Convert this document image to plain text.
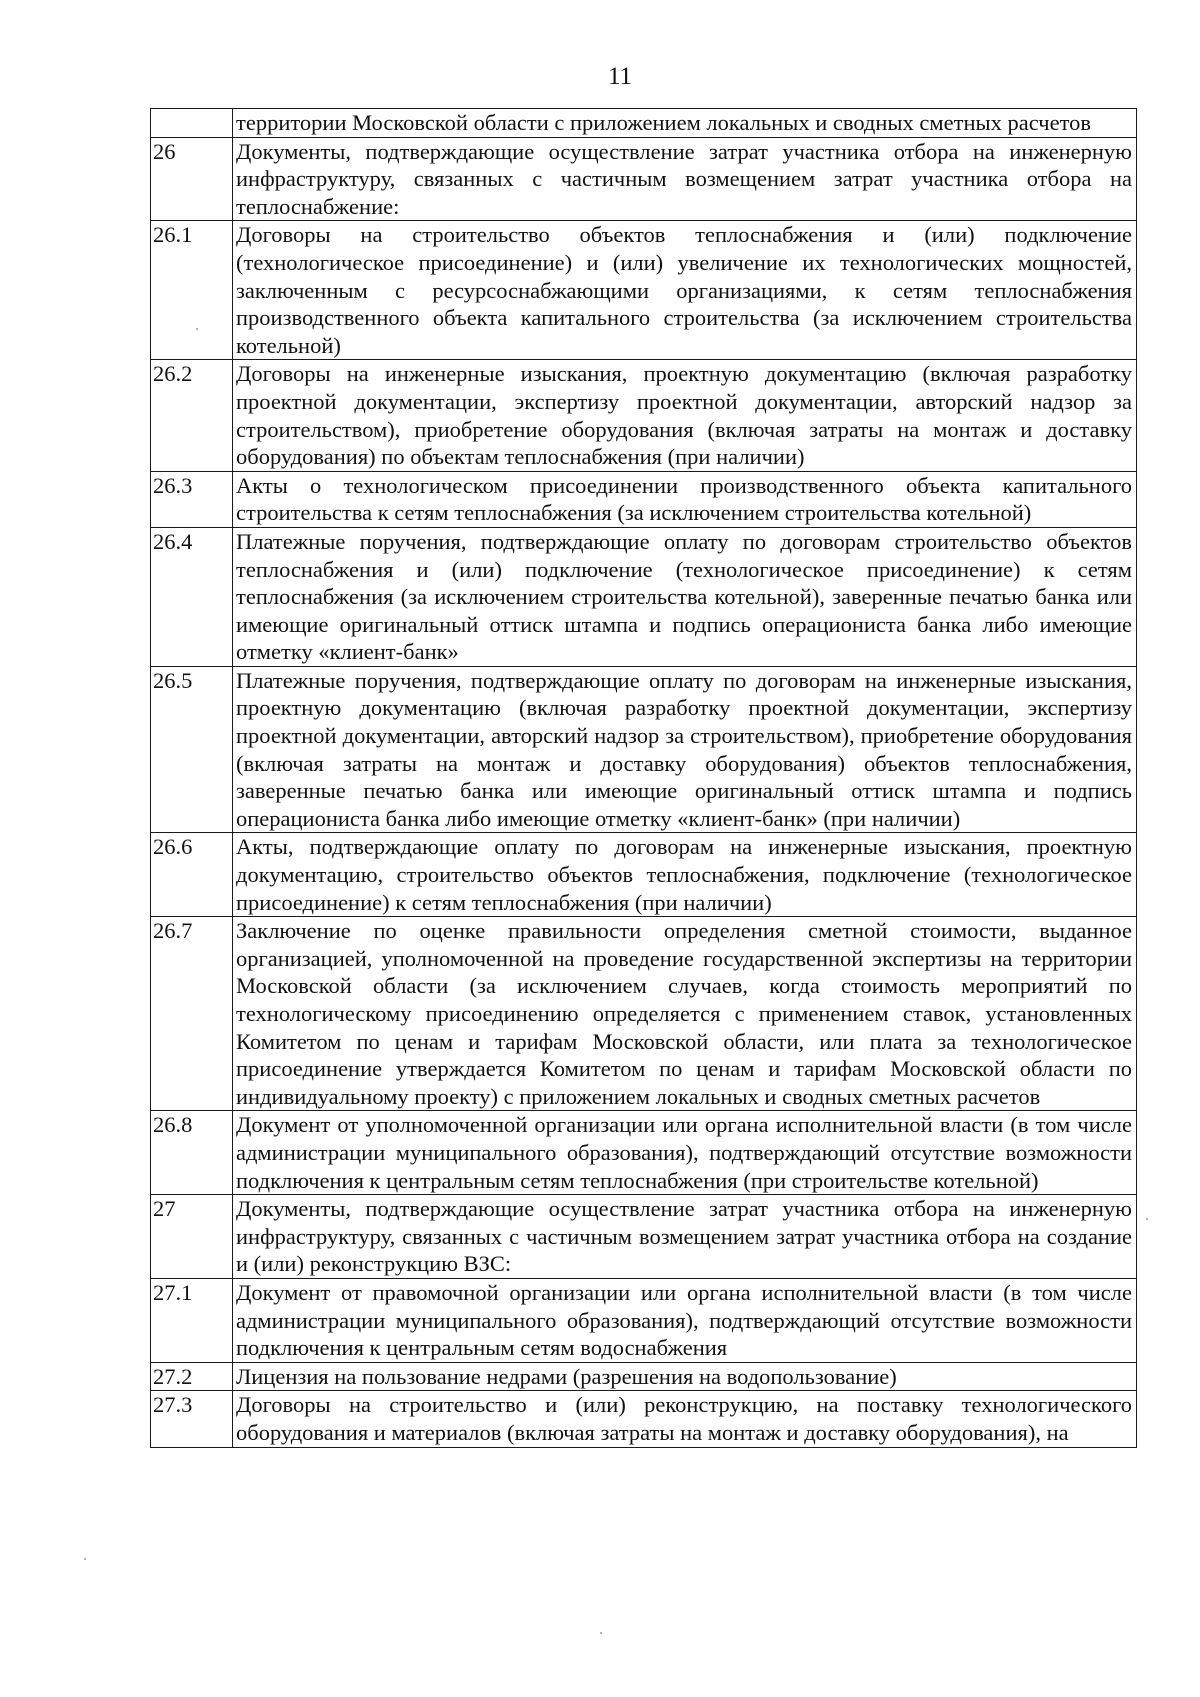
11
	территории Московской области с приложением локальных и сводных сметных расчетов
26	Документы, подтверждающие осуществление затрат участника отбора на инженерную инфраструктуру, связанных с частичным возмещением затрат участника отбора на теплоснабжение:
26.1	Договоры на строительство объектов теплоснабжения и (или) подключение (технологическое присоединение) и (или) увеличение их технологических мощностей, заключенным с ресурсоснабжающими организациями, к сетям теплоснабжения производственного объекта капитального строительства (за исключением строительства котельной)
26.2	Договоры на инженерные изыскания, проектную документацию (включая разработку проектной документации, экспертизу проектной документации, авторский надзор за строительством), приобретение оборудования (включая затраты на монтаж и доставку оборудования) по объектам теплоснабжения (при наличии)
26.3	Акты о технологическом присоединении производственного объекта капитального строительства к сетям теплоснабжения (за исключением строительства котельной)
26.4	Платежные поручения, подтверждающие оплату по договорам строительство объектов теплоснабжения и (или) подключение (технологическое присоединение) к сетям теплоснабжения (за исключением строительства котельной), заверенные печатью банка или имеющие оригинальный оттиск штампа и подпись операциониста банка либо имеющие отметку «клиент-банк»
26.5	Платежные поручения, подтверждающие оплату по договорам на инженерные изыскания, проектную документацию (включая разработку проектной документации, экспертизу проектной документации, авторский надзор за строительством), приобретение оборудования (включая затраты на монтаж и доставку оборудования) объектов теплоснабжения, заверенные печатью банка или имеющие оригинальный оттиск штампа и подпись операциониста банка либо имеющие отметку «клиент-банк» (при наличии)
26.6	Акты, подтверждающие оплату по договорам на инженерные изыскания, проектную документацию, строительство объектов теплоснабжения, подключение (технологическое присоединение) к сетям теплоснабжения (при наличии)
26.7	Заключение по оценке правильности определения сметной стоимости, выданное организацией, уполномоченной на проведение государственной экспертизы на территории Московской области (за исключением случаев, когда стоимость мероприятий по технологическому присоединению определяется с применением ставок, установленных Комитетом по ценам и тарифам Московской области, или плата за технологическое присоединение утверждается Комитетом по ценам и тарифам Московской области по индивидуальному проекту) с приложением локальных и сводных сметных расчетов
26.8	Документ от уполномоченной организации или органа исполнительной власти (в том числе администрации муниципального образования), подтверждающий отсутствие возможности подключения к центральным сетям теплоснабжения (при строительстве котельной)
27	Документы, подтверждающие осуществление затрат участника отбора на инженерную инфраструктуру, связанных с частичным возмещением затрат участника отбора на создание и (или) реконструкцию ВЗС:
27.1	Документ от правомочной организации или органа исполнительной власти (в том числе администрации муниципального образования), подтверждающий отсутствие возможности подключения к центральным сетям водоснабжения
27.2	Лицензия на пользование недрами (разрешения на водопользование)
27.3	Договоры на строительство и (или) реконструкцию, на поставку технологического оборудования и материалов (включая затраты на монтаж и доставку оборудования), на
